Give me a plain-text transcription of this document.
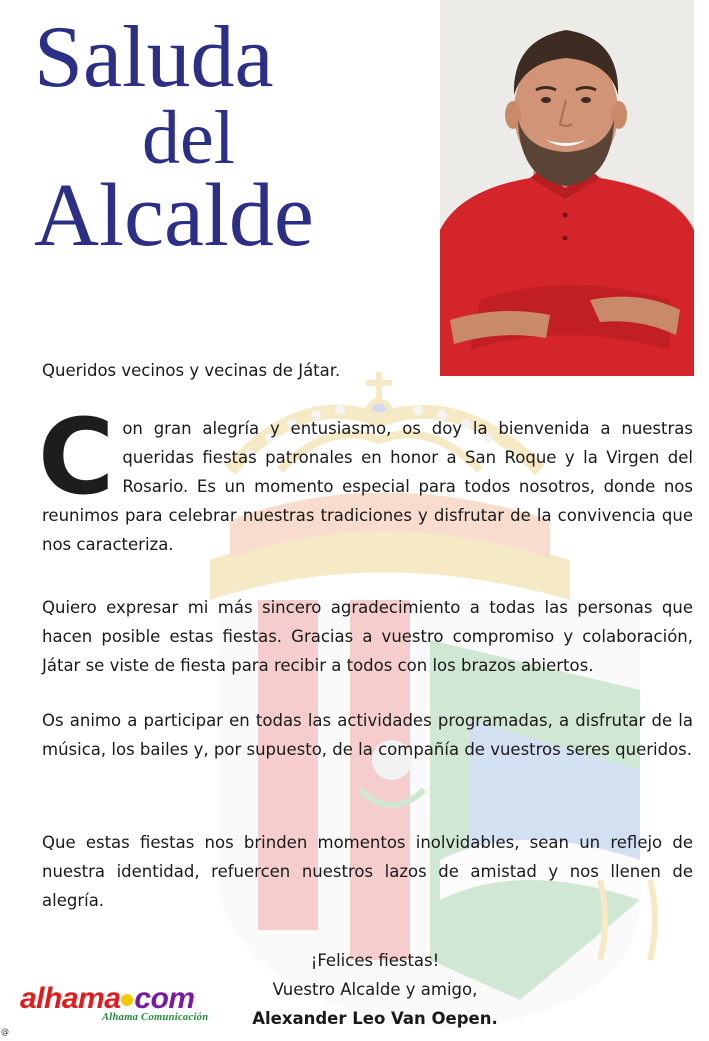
Saluda
del
Alcalde
Queridos vecinos y vecinas de Játar.
Con gran alegría y entusiasmo, os doy la bienvenida a nuestras queridas fiestas patronales en honor a San Roque y la Virgen del Rosario. Es un momento especial para todos nosotros, donde nos reunimos para celebrar nuestras tradiciones y disfrutar de la convivencia que nos caracteriza.
Quiero expresar mi más sincero agradecimiento a todas las personas que hacen posible estas fiestas. Gracias a vuestro compromiso y colaboración, Játar se viste de fiesta para recibir a todos con los brazos abiertos.
Os animo a participar en todas las actividades programadas, a disfrutar de la música, los bailes y, por supuesto, de la compañía de vuestros seres queridos.
Que estas fiestas nos brinden momentos inolvidables, sean un reflejo de nuestra identidad, refuercen nuestros lazos de amistad y nos llenen de alegría.
¡Felices fiestas!
Vuestro Alcalde y amigo,
Alexander Leo Van Oepen.
alhama com
Alhama Comunicación
@
